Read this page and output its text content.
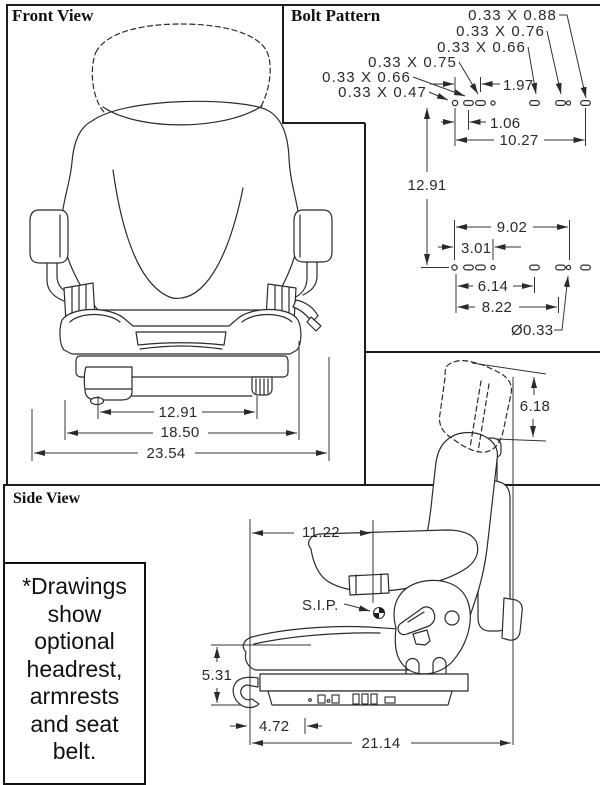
Front View	Bolt Pattern
Side View
*Drawings
show
optional
headrest,
armrests
and seat
belt.
12.91
18.50
23.54
0.33 X 0.88
0.33 X 0.76
0.33 X 0.66
0.33 X 0.75
0.33 X 0.66
0.33 X 0.47	1.97
1.06
10.27
12.91
9.02
3.01
6.14
8.22
Ø0.33
11.22
6.18
5.31
4.72
21.14
S.I.P.
